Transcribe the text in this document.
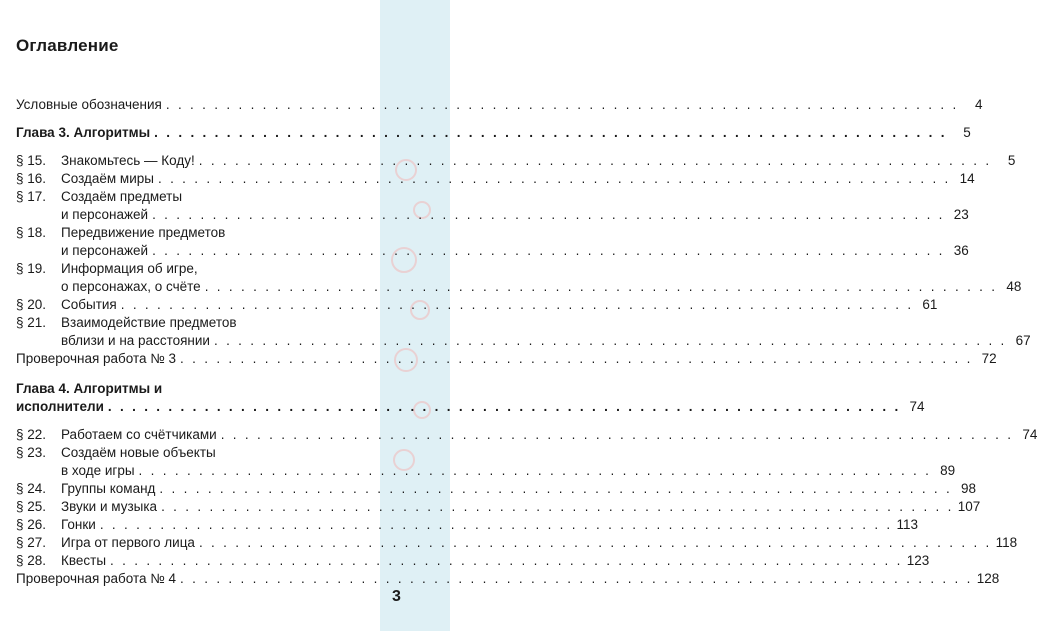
Оглавление
Условные обозначения . . . . . . . . . . . . . . . . . . . . . . . . . . . . . . . . . . . . . . . . . . . . . . . . . . . . . . . . . . . . . . . . . .	4
Глава 3. Алгоритмы . . . . . . . . . . . . . . . . . . . . . . . . . . . . . . . . . . . . . . . . . . . . . . . . . . . . . . . . . . . . . . . . . .	5
§ 15.	Знакомьтесь — Коду! . . . . . . . . . . . . . . . . . . . . . . . . . . . . . . . . . . . . . . . . . . . . . . . . . . . . . . . . . . . . . . . . . .	5
§ 16.	Создаём миры . . . . . . . . . . . . . . . . . . . . . . . . . . . . . . . . . . . . . . . . . . . . . . . . . . . . . . . . . . . . . . . . . . 14
§ 17.	Создаём предметы
и персонажей . . . . . . . . . . . . . . . . . . . . . . . . . . . . . . . . . . . . . . . . . . . . . . . . . . . . . . . . . . . . . . . . . . 23
§ 18.	Передвижение предметов
и персонажей . . . . . . . . . . . . . . . . . . . . . . . . . . . . . . . . . . . . . . . . . . . . . . . . . . . . . . . . . . . . . . . . . . 36
§ 19.	Информация об игре,
о персонажах, о счёте . . . . . . . . . . . . . . . . . . . . . . . . . . . . . . . . . . . . . . . . . . . . . . . . . . . . . . . . . . . . . . . . . . 48
§ 20.	События . . . . . . . . . . . . . . . . . . . . . . . . . . . . . . . . . . . . . . . . . . . . . . . . . . . . . . . . . . . . . . . . . . 61
§ 21.	Взаимодействие предметов
вблизи и на расстоянии . . . . . . . . . . . . . . . . . . . . . . . . . . . . . . . . . . . . . . . . . . . . . . . . . . . . . . . . . . . . . . . . . . 67
Проверочная работа № 3 . . . . . . . . . . . . . . . . . . . . . . . . . . . . . . . . . . . . . . . . . . . . . . . . . . . . . . . . . . . . . . . . . . 72
Глава 4. Алгоритмы и
исполнители . . . . . . . . . . . . . . . . . . . . . . . . . . . . . . . . . . . . . . . . . . . . . . . . . . . . . . . . . . . . . . . . . . 74
§ 22.	Работаем со счётчиками . . . . . . . . . . . . . . . . . . . . . . . . . . . . . . . . . . . . . . . . . . . . . . . . . . . . . . . . . . . . . . . . . . 74
§ 23.	Создаём новые объекты
в ходе игры . . . . . . . . . . . . . . . . . . . . . . . . . . . . . . . . . . . . . . . . . . . . . . . . . . . . . . . . . . . . . . . . . . 89
§ 24.	Группы команд . . . . . . . . . . . . . . . . . . . . . . . . . . . . . . . . . . . . . . . . . . . . . . . . . . . . . . . . . . . . . . . . . . 98
§ 25.	Звуки и музыка . . . . . . . . . . . . . . . . . . . . . . . . . . . . . . . . . . . . . . . . . . . . . . . . . . . . . . . . . . . . . . . . . . 107
§ 26.	Гонки . . . . . . . . . . . . . . . . . . . . . . . . . . . . . . . . . . . . . . . . . . . . . . . . . . . . . . . . . . . . . . . . . . 113
§ 27.	Игра от первого лица . . . . . . . . . . . . . . . . . . . . . . . . . . . . . . . . . . . . . . . . . . . . . . . . . . . . . . . . . . . . . . . . . . 118
§ 28.	Квесты . . . . . . . . . . . . . . . . . . . . . . . . . . . . . . . . . . . . . . . . . . . . . . . . . . . . . . . . . . . . . . . . . . 123
Проверочная работа № 4 . . . . . . . . . . . . . . . . . . . . . . . . . . . . . . . . . . . . . . . . . . . . . . . . . . . . . . . . . . . . . . . . . . 128
3
